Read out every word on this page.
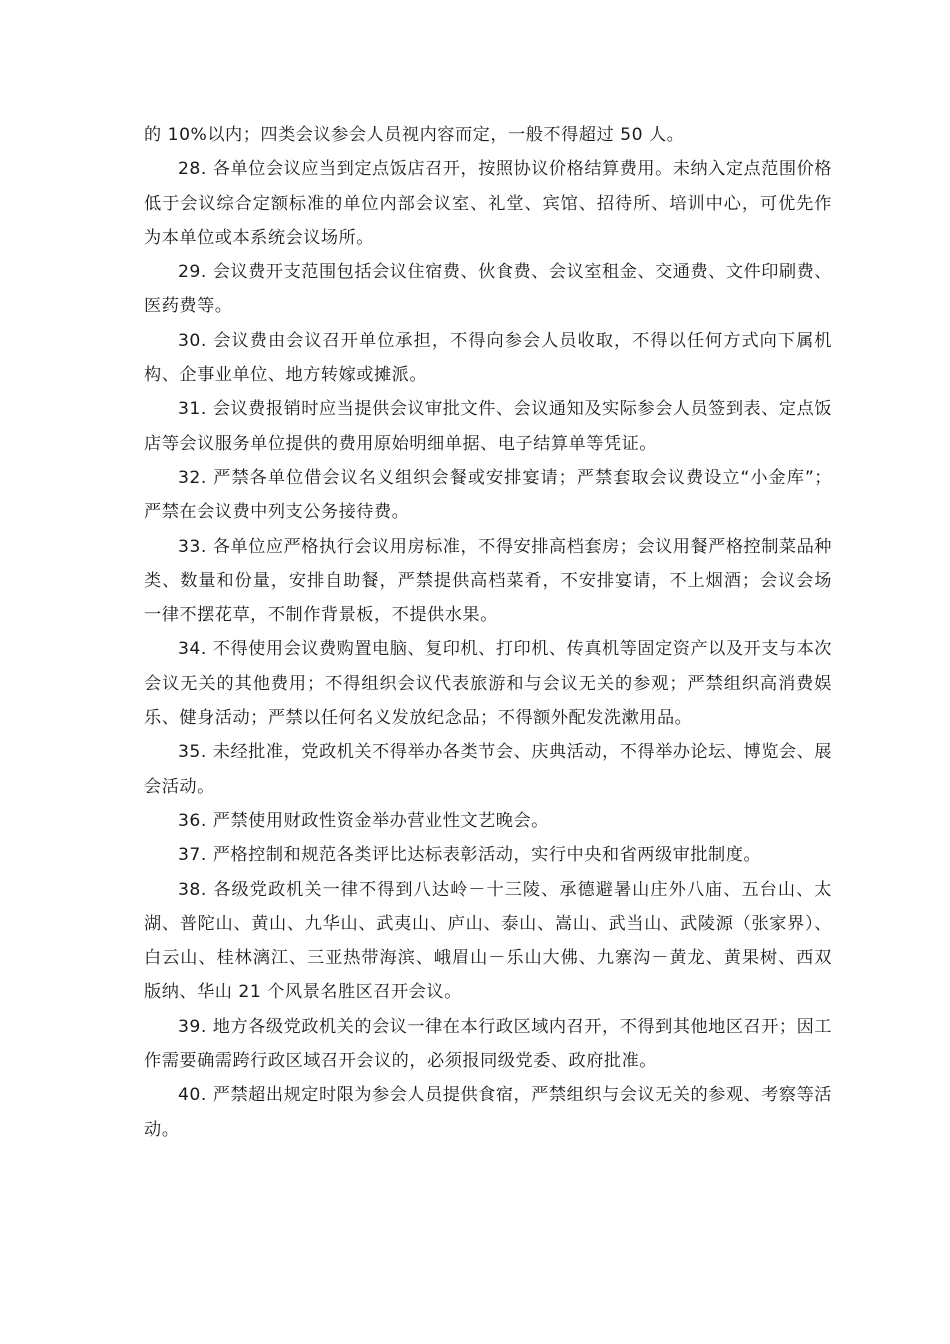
的 10%以内；四类会议参会人员视内容而定，一般不得超过 50 人。

28. 各单位会议应当到定点饭店召开，按照协议价格结算费用。未纳入定点范围价格低于会议综合定额标准的单位内部会议室、礼堂、宾馆、招待所、培训中心，可优先作为本单位或本系统会议场所。

29. 会议费开支范围包括会议住宿费、伙食费、会议室租金、交通费、文件印刷费、医药费等。

30. 会议费由会议召开单位承担，不得向参会人员收取，不得以任何方式向下属机构、企事业单位、地方转嫁或摊派。

31. 会议费报销时应当提供会议审批文件、会议通知及实际参会人员签到表、定点饭店等会议服务单位提供的费用原始明细单据、电子结算单等凭证。

32. 严禁各单位借会议名义组织会餐或安排宴请；严禁套取会议费设立“小金库”；严禁在会议费中列支公务接待费。

33. 各单位应严格执行会议用房标准，不得安排高档套房；会议用餐严格控制菜品种类、数量和份量，安排自助餐，严禁提供高档菜肴，不安排宴请，不上烟酒；会议会场一律不摆花草，不制作背景板，不提供水果。

34. 不得使用会议费购置电脑、复印机、打印机、传真机等固定资产以及开支与本次会议无关的其他费用；不得组织会议代表旅游和与会议无关的参观；严禁组织高消费娱乐、健身活动；严禁以任何名义发放纪念品；不得额外配发洗漱用品。

35. 未经批准，党政机关不得举办各类节会、庆典活动，不得举办论坛、博览会、展会活动。

36. 严禁使用财政性资金举办营业性文艺晚会。

37. 严格控制和规范各类评比达标表彰活动，实行中央和省两级审批制度。

38. 各级党政机关一律不得到八达岭－十三陵、承德避暑山庄外八庙、五台山、太湖、普陀山、黄山、九华山、武夷山、庐山、泰山、嵩山、武当山、武陵源（张家界）、白云山、桂林漓江、三亚热带海滨、峨眉山－乐山大佛、九寨沟－黄龙、黄果树、西双版纳、华山 21 个风景名胜区召开会议。

39. 地方各级党政机关的会议一律在本行政区域内召开，不得到其他地区召开；因工作需要确需跨行政区域召开会议的，必须报同级党委、政府批准。

40. 严禁超出规定时限为参会人员提供食宿，严禁组织与会议无关的参观、考察等活动。
